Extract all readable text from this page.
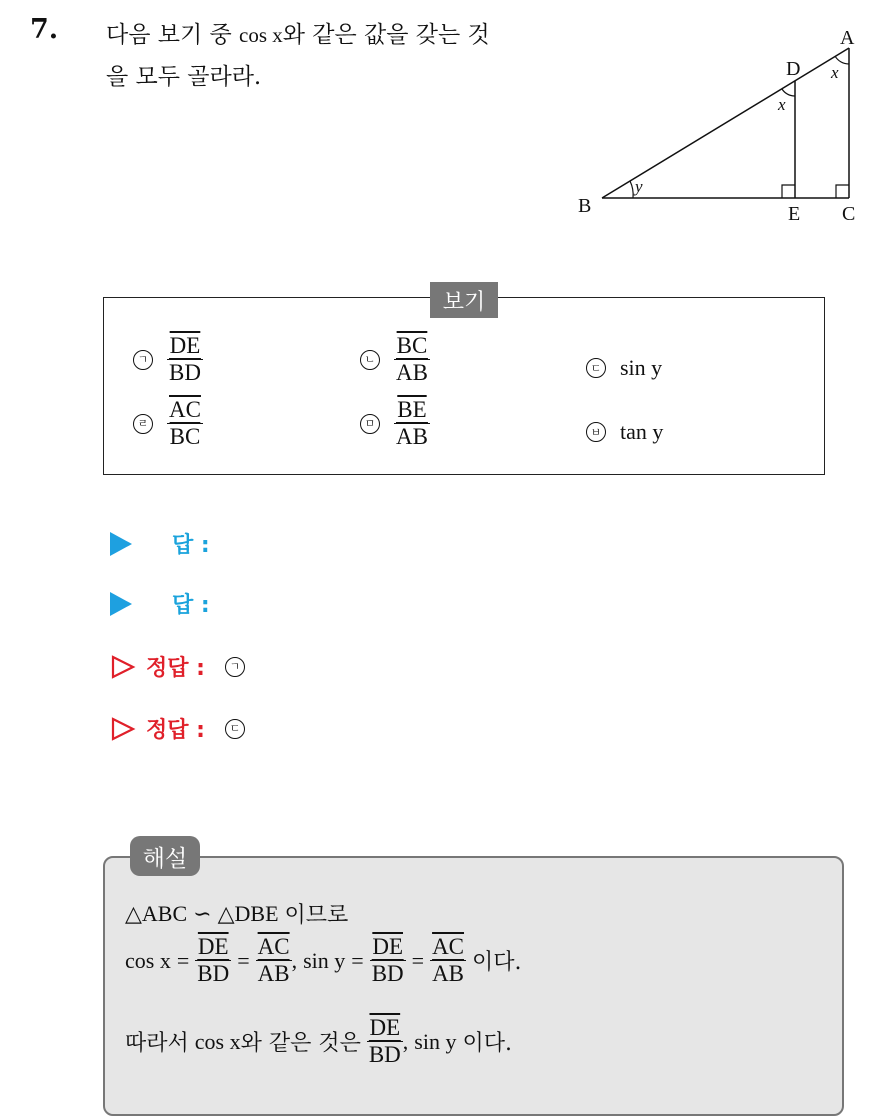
7. 다음 보기 중 cos x와 같은 값을 갖는 것
을 모두 골라라.
A
B	C
D
E
x
x
y
보기
ㄱ $\frac{\overline{DE}}{BD}$	ㄴ $\frac{\overline{BC}}{AB}$	ㄷ sin y
ㄹ $\frac{\overline{AC}}{BC}$	ㅁ $\frac{\overline{BE}}{AB}$	ㅂ tan y
답 :
답 :
정답 :	ㄱ
정답 :	ㄷ
해설
△ABC ∽ △DBE 이므로
$\cos x = \frac{\overline{DE}}{BD} = \frac{\overline{AC}}{AB}$ , $\sin y = \frac{\overline{DE}}{BD} = \frac{\overline{AC}}{AB}$ 이다.
따라서 cos x 와 같은 것은 $\frac{\overline{DE}}{BD}$ , sin y 이다.
